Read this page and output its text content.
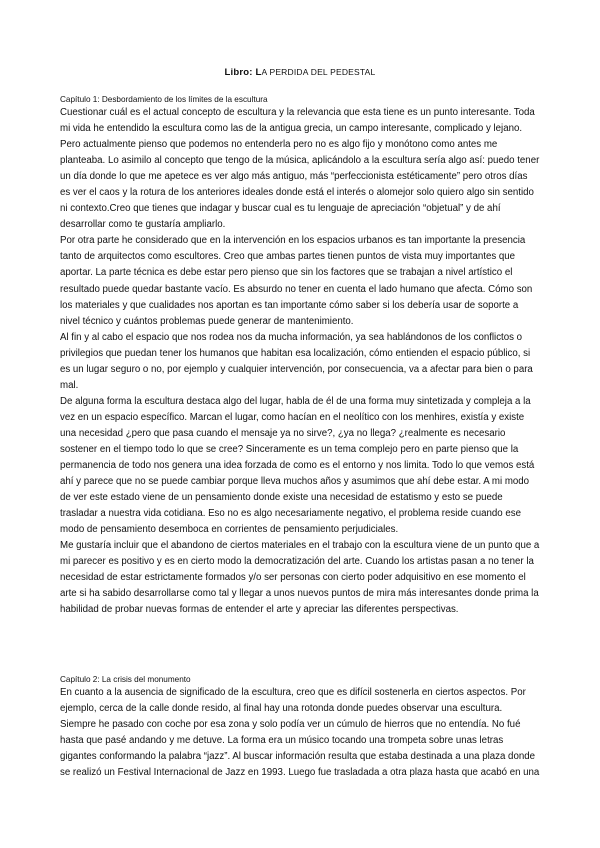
Libro: LA PERDIDA DEL PEDESTAL
Capítulo 1: Desbordamiento de los límites de la escultura

Cuestionar cuál es el actual concepto de escultura y la relevancia que esta tiene es un punto interesante. Toda mi vida he entendido la escultura como las de la antigua grecia, un campo interesante, complicado y lejano. Pero actualmente pienso que podemos no entenderla pero no es algo fijo y monótono como antes me planteaba. Lo asimilo al concepto que tengo de la música, aplicándolo a la escultura sería algo así: puedo tener un día donde lo que me apetece es ver algo más antiguo, más “perfeccionista estéticamente” pero otros días es ver el caos y la rotura de los anteriores ideales donde está el interés o alomejor solo quiero algo sin sentido ni contexto.Creo que tienes que indagar y buscar cual es tu lenguaje de apreciación “objetual” y de ahí desarrollar como te gustaría ampliarlo.

Por otra parte he considerado que en la intervención en los espacios urbanos es tan importante la presencia tanto de arquitectos como escultores. Creo que ambas partes tienen puntos de vista muy importantes que aportar. La parte técnica es debe estar pero pienso que sin los factores que se trabajan a nivel artístico el resultado puede quedar bastante vacío. Es absurdo no tener en cuenta el lado humano que afecta. Cómo son los materiales y que cualidades nos aportan es tan importante cómo saber si los debería usar de soporte a nivel técnico y cuántos problemas puede generar de mantenimiento.

Al fin y al cabo el espacio que nos rodea nos da mucha información, ya sea hablándonos de los conflictos o privilegios que puedan tener los humanos que habitan esa localización, cómo entienden el espacio público, si es un lugar seguro o no, por ejemplo y cualquier intervención, por consecuencia, va a afectar para bien o para mal.

De alguna forma la escultura destaca algo del lugar, habla de él de una forma muy sintetizada y compleja a la vez en un espacio específico. Marcan el lugar, como hacían en el neolítico con los menhires, existía y existe una necesidad ¿pero que pasa cuando el mensaje ya no sirve?, ¿ya no llega? ¿realmente es necesario sostener en el tiempo todo lo que se cree? Sinceramente es un tema complejo pero en parte pienso que la permanencia de todo nos genera una idea forzada de como es el entorno y nos limita. Todo lo que vemos está ahí y parece que no se puede cambiar porque lleva muchos años y asumimos que ahí debe estar. A mi modo de ver este estado viene de un pensamiento donde existe una necesidad de estatismo y esto se puede trasladar a nuestra vida cotidiana. Eso no es algo necesariamente negativo, el problema reside cuando ese modo de pensamiento desemboca en corrientes de pensamiento perjudiciales.

Me gustaría incluir que el abandono de ciertos materiales en el trabajo con la escultura viene de un punto que a mi parecer es positivo y es en cierto modo la democratización del arte. Cuando los artistas pasan a no tener la necesidad de estar estrictamente formados y/o ser personas con cierto poder adquisitivo en ese momento el arte si ha sabido desarrollarse como tal y llegar a unos nuevos puntos de mira más interesantes donde prima la habilidad de probar nuevas formas de entender el arte y apreciar las diferentes perspectivas.

Capítulo 2: La crisis del monumento

En cuanto a la ausencia de significado de la escultura, creo que es difícil sostenerla en ciertos aspectos. Por ejemplo, cerca de la calle donde resido, al final hay una rotonda donde puedes observar una escultura. Siempre he pasado con coche por esa zona y solo podía ver un cúmulo de hierros que no entendía. No fué hasta que pasé andando y me detuve. La forma era un músico tocando una trompeta sobre unas letras gigantes conformando la palabra “jazz”. Al buscar información resulta que estaba destinada a una plaza donde se realizó un Festival Internacional de Jazz en 1993. Luego fue trasladada a otra plaza hasta que acabó en una
